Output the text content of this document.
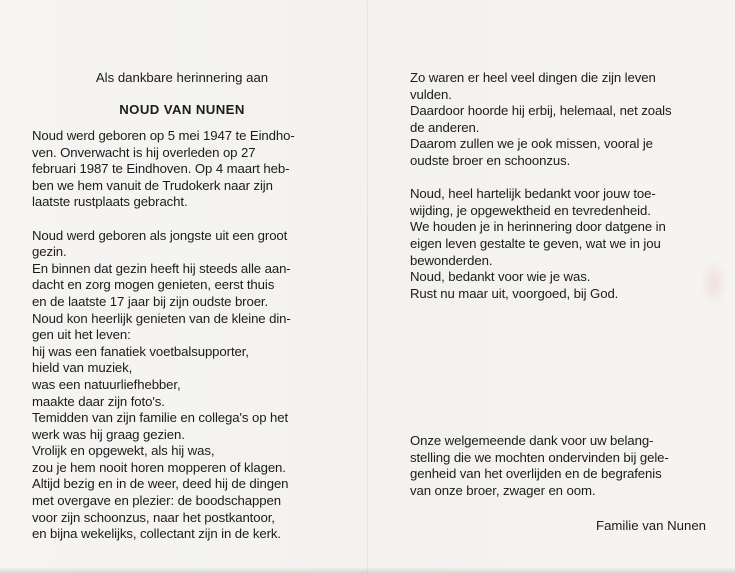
Als dankbare herinnering aan
NOUD VAN NUNEN
Noud werd geboren op 5 mei 1947 te Eindho-
ven. Onverwacht is hij overleden op 27
februari 1987 te Eindhoven. Op 4 maart heb-
ben we hem vanuit de Trudokerk naar zijn
laatste rustplaats gebracht.
Noud werd geboren als jongste uit een groot
gezin.
En binnen dat gezin heeft hij steeds alle aan-
dacht en zorg mogen genieten, eerst thuis
en de laatste 17 jaar bij zijn oudste broer.
Noud kon heerlijk genieten van de kleine din-
gen uit het leven:
hij was een fanatiek voetbalsupporter,
hield van muziek,
was een natuurliefhebber,
maakte daar zijn foto's.
Temidden van zijn familie en collega's op het
werk was hij graag gezien.
Vrolijk en opgewekt, als hij was,
zou je hem nooit horen mopperen of klagen.
Altijd bezig en in de weer, deed hij de dingen
met overgave en plezier: de boodschappen
voor zijn schoonzus, naar het postkantoor,
en bijna wekelijks, collectant zijn in de kerk.
Zo waren er heel veel dingen die zijn leven
vulden.
Daardoor hoorde hij erbij, helemaal, net zoals
de anderen.
Daarom zullen we je ook missen, vooral je
oudste broer en schoonzus.
Noud, heel hartelijk bedankt voor jouw toe-
wijding, je opgewektheid en tevredenheid.
We houden je in herinnering door datgene in
eigen leven gestalte te geven, wat we in jou
bewonderden.
Noud, bedankt voor wie je was.
Rust nu maar uit, voorgoed, bij God.
Onze welgemeende dank voor uw belang-
stelling die we mochten ondervinden bij gele-
genheid van het overlijden en de begrafenis
van onze broer, zwager en oom.
Familie van Nunen
